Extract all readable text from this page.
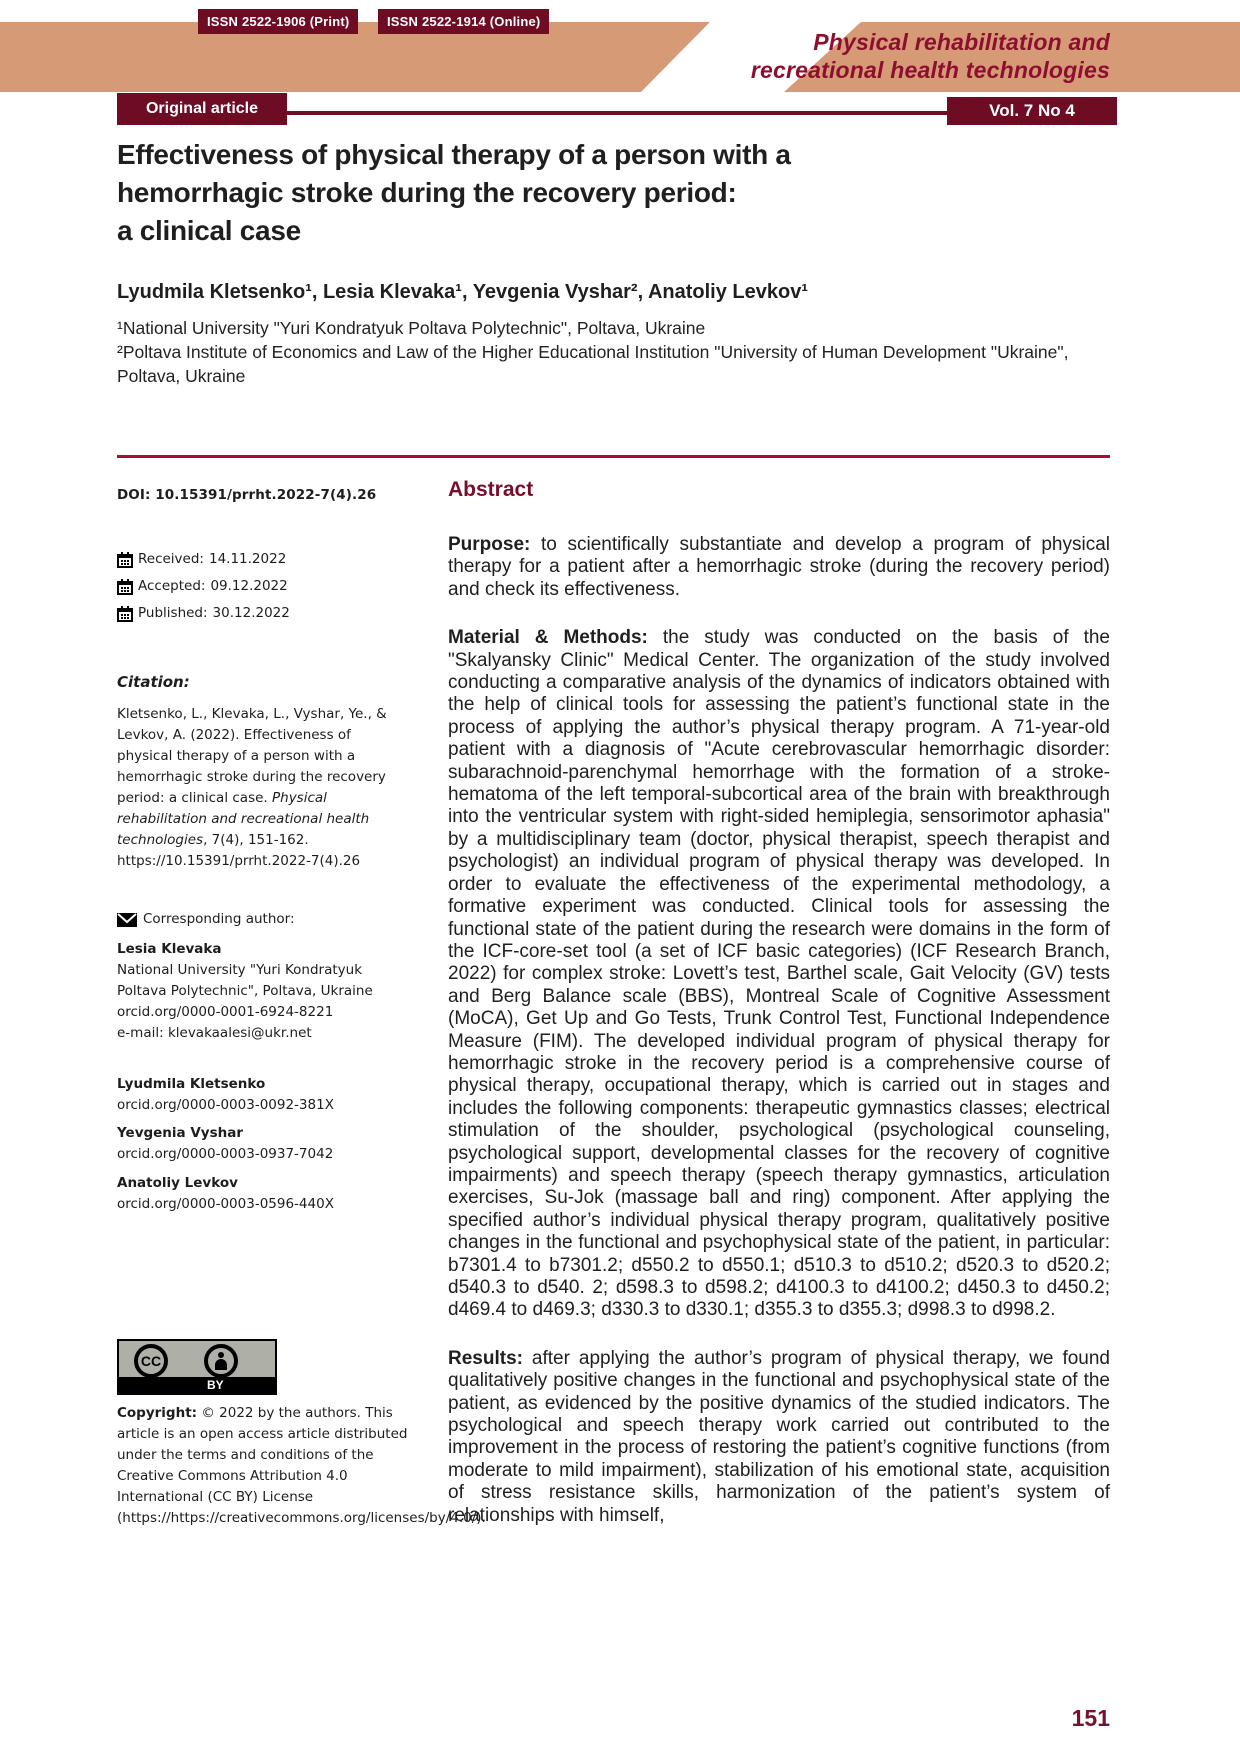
ISSN 2522-1906 (Print)	ISSN 2522-1914 (Online)
Physical rehabilitation and
recreational health technologies
Original article	Vol. 7 No 4
Effectiveness of physical therapy of a person with a
hemorrhagic stroke during the recovery period:
a clinical case
Lyudmila Kletsenko¹, Lesia Klevaka¹, Yevgenia Vyshar², Anatoliy Levkov¹
¹National University "Yuri Kondratyuk Poltava Polytechnic", Poltava, Ukraine
²Poltava Institute of Economics and Law of the Higher Educational Institution "University of Human Development "Ukraine", Poltava, Ukraine
DOI: 10.15391/prrht.2022-7(4).26
Received: 14.11.2022
Accepted: 09.12.2022
Published: 30.12.2022
Citation:
Kletsenko, L., Klevaka, L., Vyshar, Ye., & Levkov, A. (2022). Effectiveness of physical therapy of a person with a hemorrhagic stroke during the recovery period: a clinical case. Physical rehabilitation and recreational health technologies, 7(4), 151-162. https://10.15391/prrht.2022-7(4).26
Corresponding author:
Lesia Klevaka
National University "Yuri Kondratyuk Poltava Polytechnic", Poltava, Ukraine
orcid.org/0000-0001-6924-8221
e-mail: klevakaalesi@ukr.net
Lyudmila Kletsenko
orcid.org/0000-0003-0092-381X
Yevgenia Vyshar
orcid.org/0000-0003-0937-7042
Anatoliy Levkov
orcid.org/0000-0003-0596-440X
CC
BY
Copyright: © 2022 by the authors. This article is an open access article distributed under the terms and conditions of the Creative Commons Attribution 4.0 International (CC BY) License (https://https://creativecommons.org/licenses/by/4.0/).
Abstract

Purpose: to scientifically substantiate and develop a program of physical therapy for a patient after a hemorrhagic stroke (during the recovery period) and check its effectiveness.

Material & Methods: the study was conducted on the basis of the "Skalyansky Clinic" Medical Center. The organization of the study involved conducting a comparative analysis of the dynamics of indicators obtained with the help of clinical tools for assessing the patient’s functional state in the process of applying the author’s physical therapy program. A 71-year-old patient with a diagnosis of "Acute cerebrovascular hemorrhagic disorder: subarachnoid-parenchymal hemorrhage with the formation of a stroke-hematoma of the left temporal-subcortical area of the brain with breakthrough into the ventricular system with right-sided hemiplegia, sensorimotor aphasia" by a multidisciplinary team (doctor, physical therapist, speech therapist and psychologist) an individual program of physical therapy was developed. In order to evaluate the effectiveness of the experimental methodology, a formative experiment was conducted. Clinical tools for assessing the functional state of the patient during the research were domains in the form of the ICF-core-set tool (a set of ICF basic categories) (ICF Research Branch, 2022) for complex stroke: Lovett’s test, Barthel scale, Gait Velocity (GV) tests and Berg Balance scale (BBS), Montreal Scale of Cognitive Assessment (MoCA), Get Up and Go Tests, Trunk Control Test, Functional Independence Measure (FIM). The developed individual program of physical therapy for hemorrhagic stroke in the recovery period is a comprehensive course of physical therapy, occupational therapy, which is carried out in stages and includes the following components: therapeutic gymnastics classes; electrical stimulation of the shoulder, psychological (psychological counseling, psychological support, developmental classes for the recovery of cognitive impairments) and speech therapy (speech therapy gymnastics, articulation exercises, Su-Jok (massage ball and ring) component. After applying the specified author’s individual physical therapy program, qualitatively positive changes in the functional and psychophysical state of the patient, in particular: b7301.4 to b7301.2; d550.2 to d550.1; d510.3 to d510.2; d520.3 to d520.2; d540.3 to d540. 2; d598.3 to d598.2; d4100.3 to d4100.2; d450.3 to d450.2; d469.4 to d469.3; d330.3 to d330.1; d355.3 to d355.3; d998.3 to d998.2.

Results: after applying the author’s program of physical therapy, we found qualitatively positive changes in the functional and psychophysical state of the patient, as evidenced by the positive dynamics of the studied indicators. The psychological and speech therapy work carried out contributed to the improvement in the process of restoring the patient’s cognitive functions (from moderate to mild impairment), stabilization of his emotional state, acquisition of stress resistance skills, harmonization of the patient’s system of relationships with himself,

151
